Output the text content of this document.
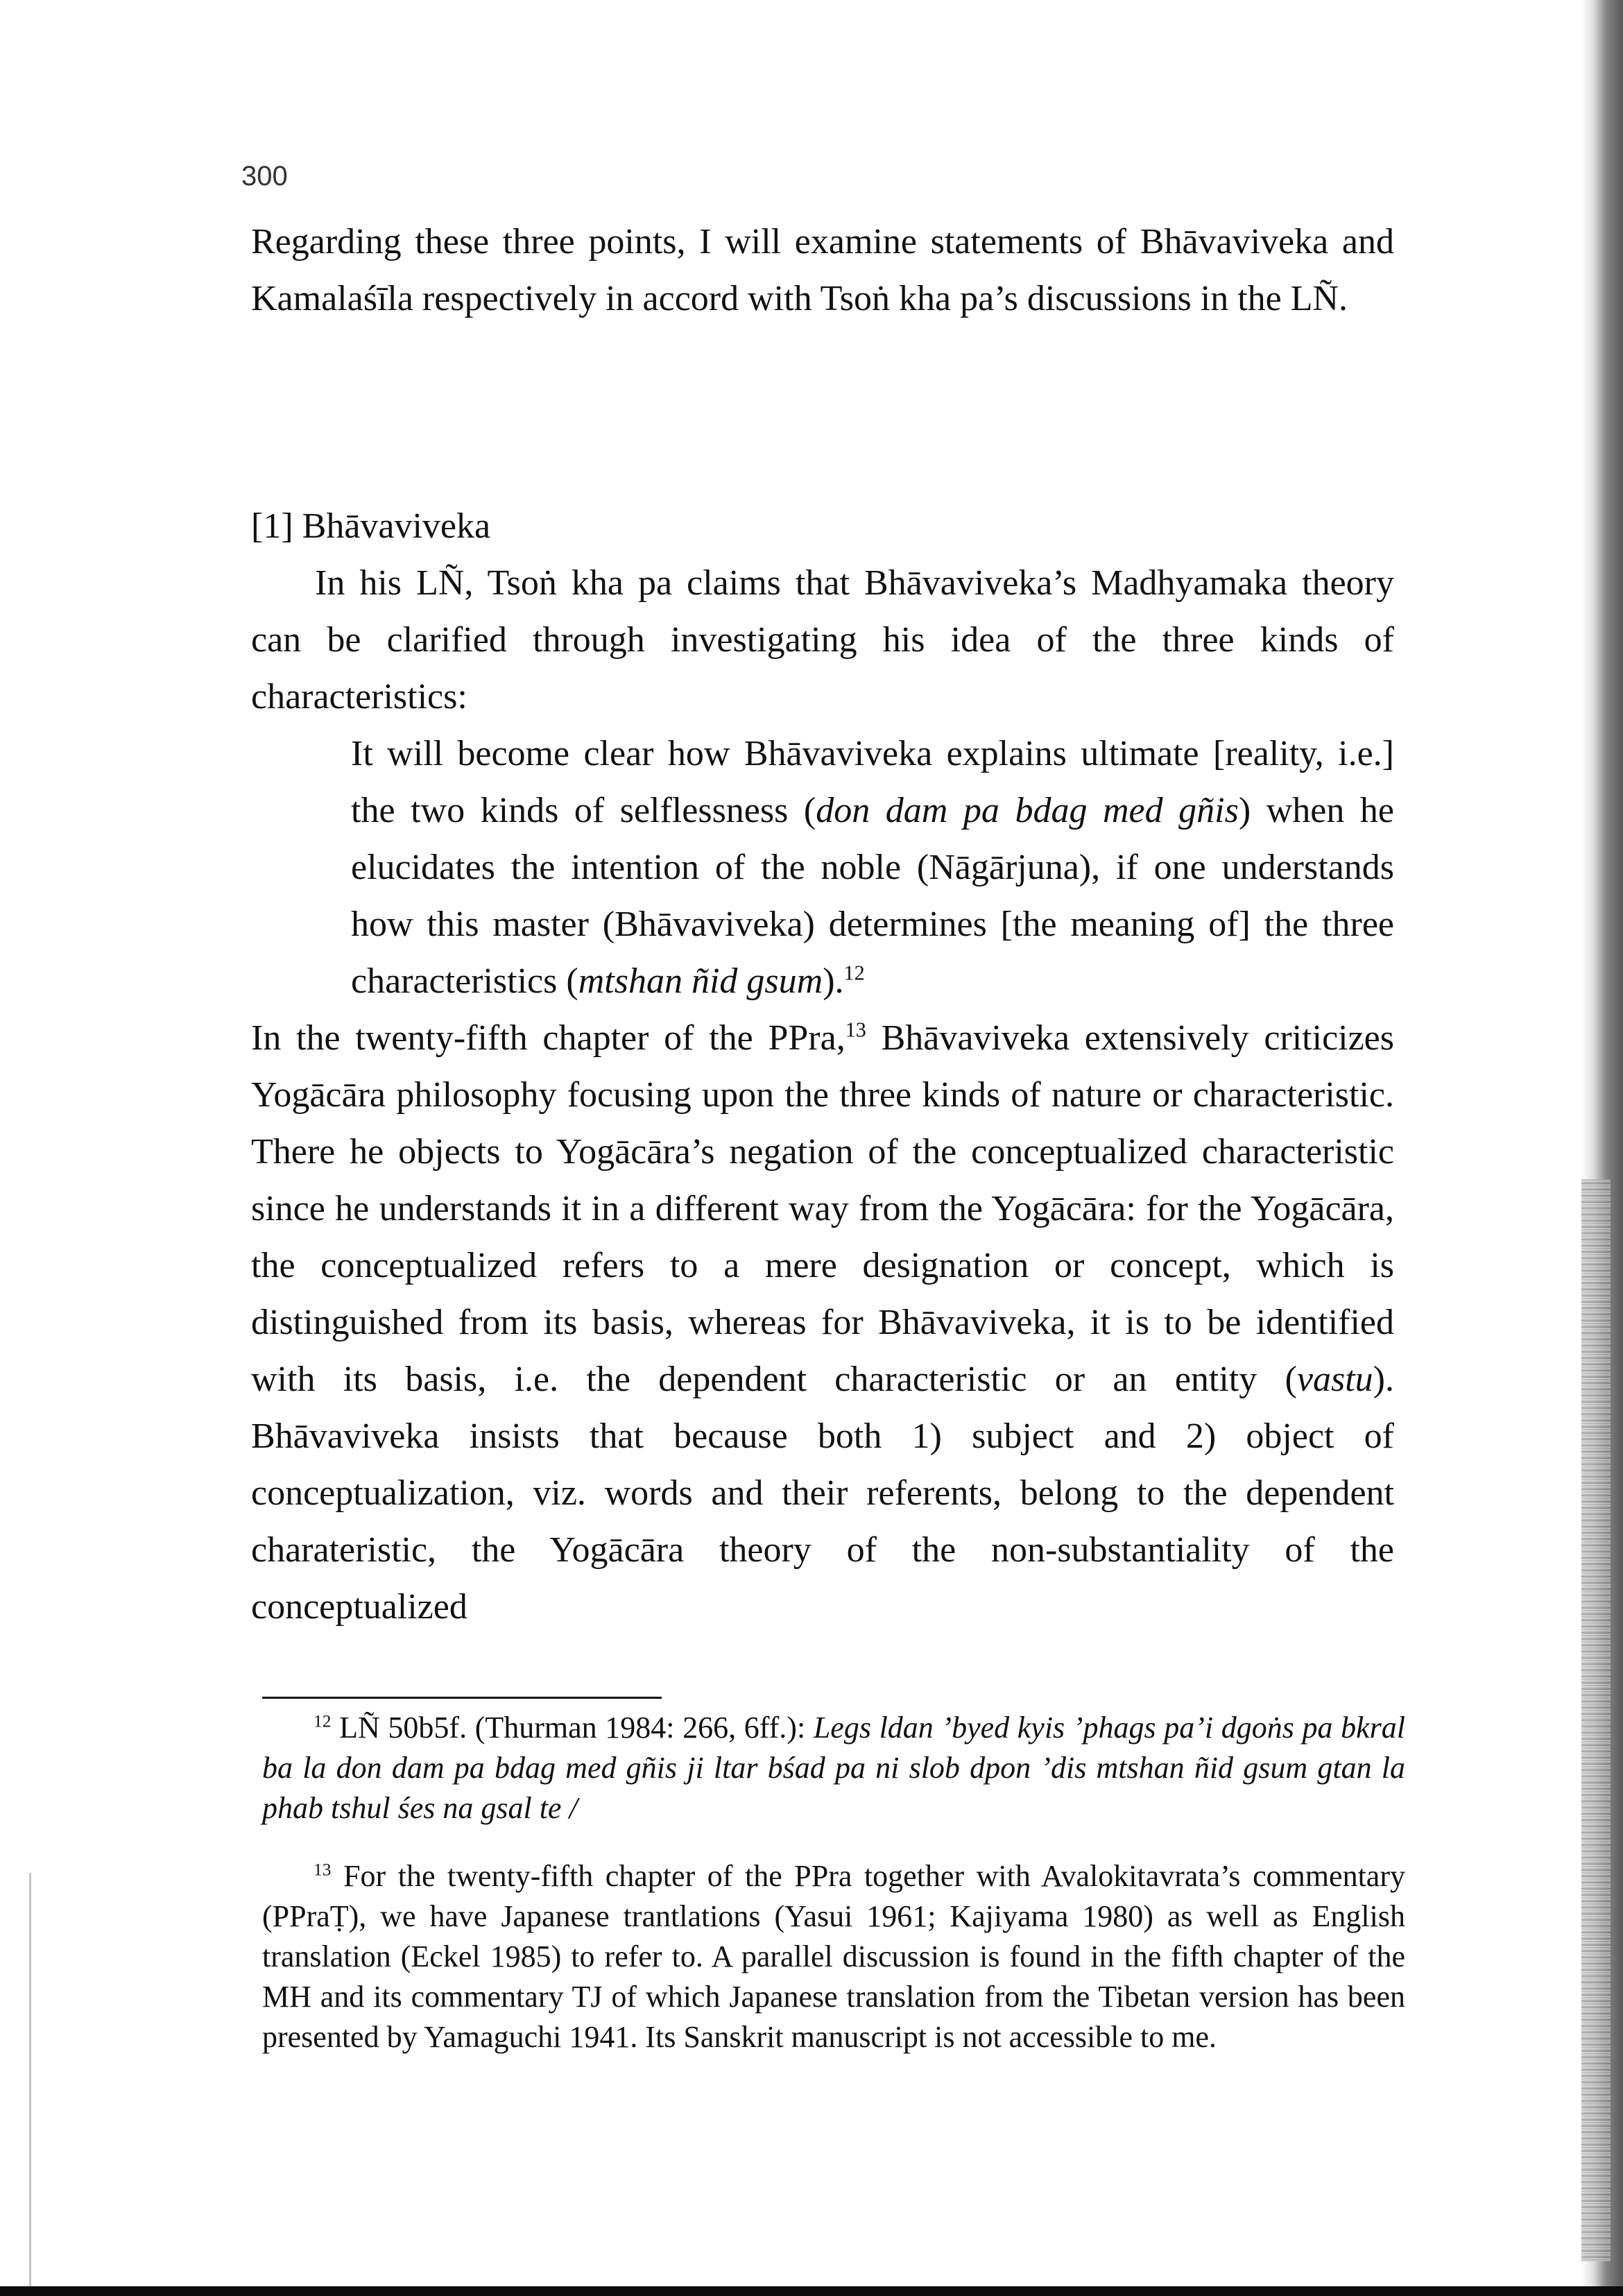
300

Regarding these three points, I will examine statements of Bhāvaviveka and Kamalaśīla respectively in accord with Tsoṅ kha pa’s discussions in the LÑ.

[1] Bhāvaviveka

In his LÑ, Tsoṅ kha pa claims that Bhāvaviveka’s Madhyamaka theory can be clarified through investigating his idea of the three kinds of characteristics:

It will become clear how Bhāvaviveka explains ultimate [reality, i.e.] the two kinds of selflessness (don dam pa bdag med gñis) when he elucidates the intention of the noble (Nāgārjuna), if one understands how this master (Bhāvaviveka) determines [the meaning of] the three characteristics (mtshan ñid gsum).$^{12}$

In the twenty-fifth chapter of the PPra,$^{13}$ Bhāvaviveka extensively criticizes Yogācāra philosophy focusing upon the three kinds of nature or characteristic. There he objects to Yogācāra’s negation of the conceptualized characteristic since he understands it in a different way from the Yogācāra: for the Yogācāra, the conceptualized refers to a mere designation or concept, which is distinguished from its basis, whereas for Bhāvaviveka, it is to be identified with its basis, i.e. the dependent characteristic or an entity (vastu). Bhāvaviveka insists that because both 1) subject and 2) object of conceptualization, viz. words and their referents, belong to the dependent charateristic, the Yogācāra theory of the non-substantiality of the conceptualized

$^{12}$ LÑ 50b5f. (Thurman 1984: 266, 6ff.): Legs ldan ’byed kyis ’phags pa’i dgoṅs pa bkral ba la don dam pa bdag med gñis ji ltar bśad pa ni slob dpon ’dis mtshan ñid gsum gtan la phab tshul śes na gsal te /

$^{13}$ For the twenty-fifth chapter of the PPra together with Avalokitavrata’s commentary (PPraṬ), we have Japanese trantlations (Yasui 1961; Kajiyama 1980) as well as English translation (Eckel 1985) to refer to. A parallel discussion is found in the fifth chapter of the MH and its commentary TJ of which Japanese translation from the Tibetan version has been presented by Yamaguchi 1941. Its Sanskrit manuscript is not accessible to me.
